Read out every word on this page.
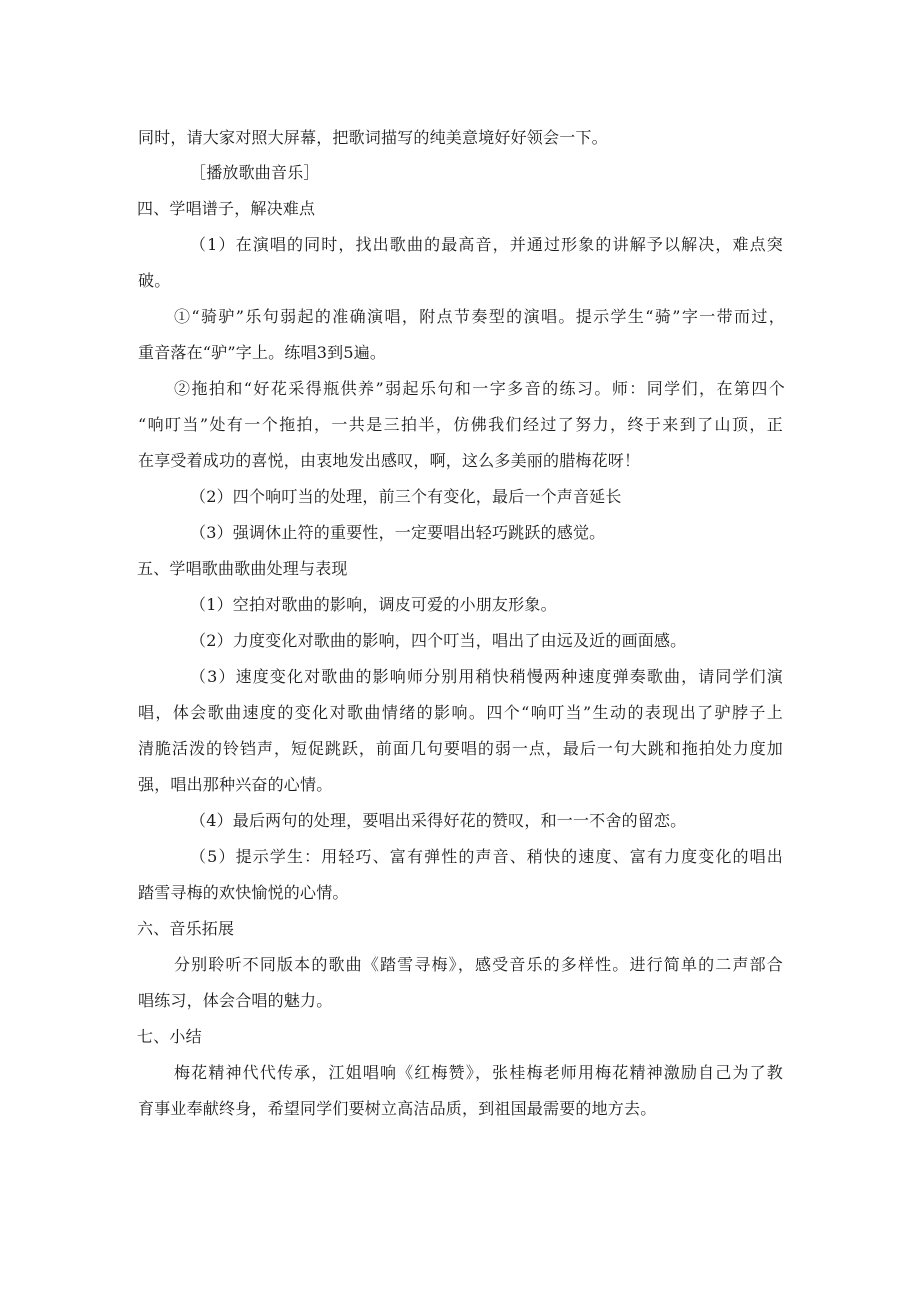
同时，请大家对照大屏幕，把歌词描写的纯美意境好好领会一下。

［播放歌曲音乐］

四、学唱谱子，解决难点

（1）在演唱的同时，找出歌曲的最高音，并通过形象的讲解予以解决，难点突

破。

①“骑驴”乐句弱起的准确演唱，附点节奏型的演唱。提示学生“骑”字一带而过，

重音落在“驴”字上。练唱3到5遍。

②拖拍和“好花采得瓶供养”弱起乐句和一字多音的练习。师：同学们，在第四个

“响叮当”处有一个拖拍，一共是三拍半，仿佛我们经过了努力，终于来到了山顶，正

在享受着成功的喜悦，由衷地发出感叹，啊，这么多美丽的腊梅花呀！

（2）四个响叮当的处理，前三个有变化，最后一个声音延长

（3）强调休止符的重要性，一定要唱出轻巧跳跃的感觉。

五、学唱歌曲歌曲处理与表现

（1）空拍对歌曲的影响，调皮可爱的小朋友形象。

（2）力度变化对歌曲的影响，四个叮当，唱出了由远及近的画面感。

（3）速度变化对歌曲的影响师分别用稍快稍慢两种速度弹奏歌曲，请同学们演

唱，体会歌曲速度的变化对歌曲情绪的影响。四个“响叮当”生动的表现出了驴脖子上

清脆活泼的铃铛声，短促跳跃，前面几句要唱的弱一点，最后一句大跳和拖拍处力度加

强，唱出那种兴奋的心情。

（4）最后两句的处理，要唱出采得好花的赞叹，和一一不舍的留恋。

（5）提示学生：用轻巧、富有弹性的声音、稍快的速度、富有力度变化的唱出

踏雪寻梅的欢快愉悦的心情。

六、音乐拓展

分别聆听不同版本的歌曲《踏雪寻梅》，感受音乐的多样性。进行简单的二声部合

唱练习，体会合唱的魅力。

七、小结

梅花精神代代传承，江姐唱响《红梅赞》，张桂梅老师用梅花精神激励自己为了教

育事业奉献终身，希望同学们要树立高洁品质，到祖国最需要的地方去。
